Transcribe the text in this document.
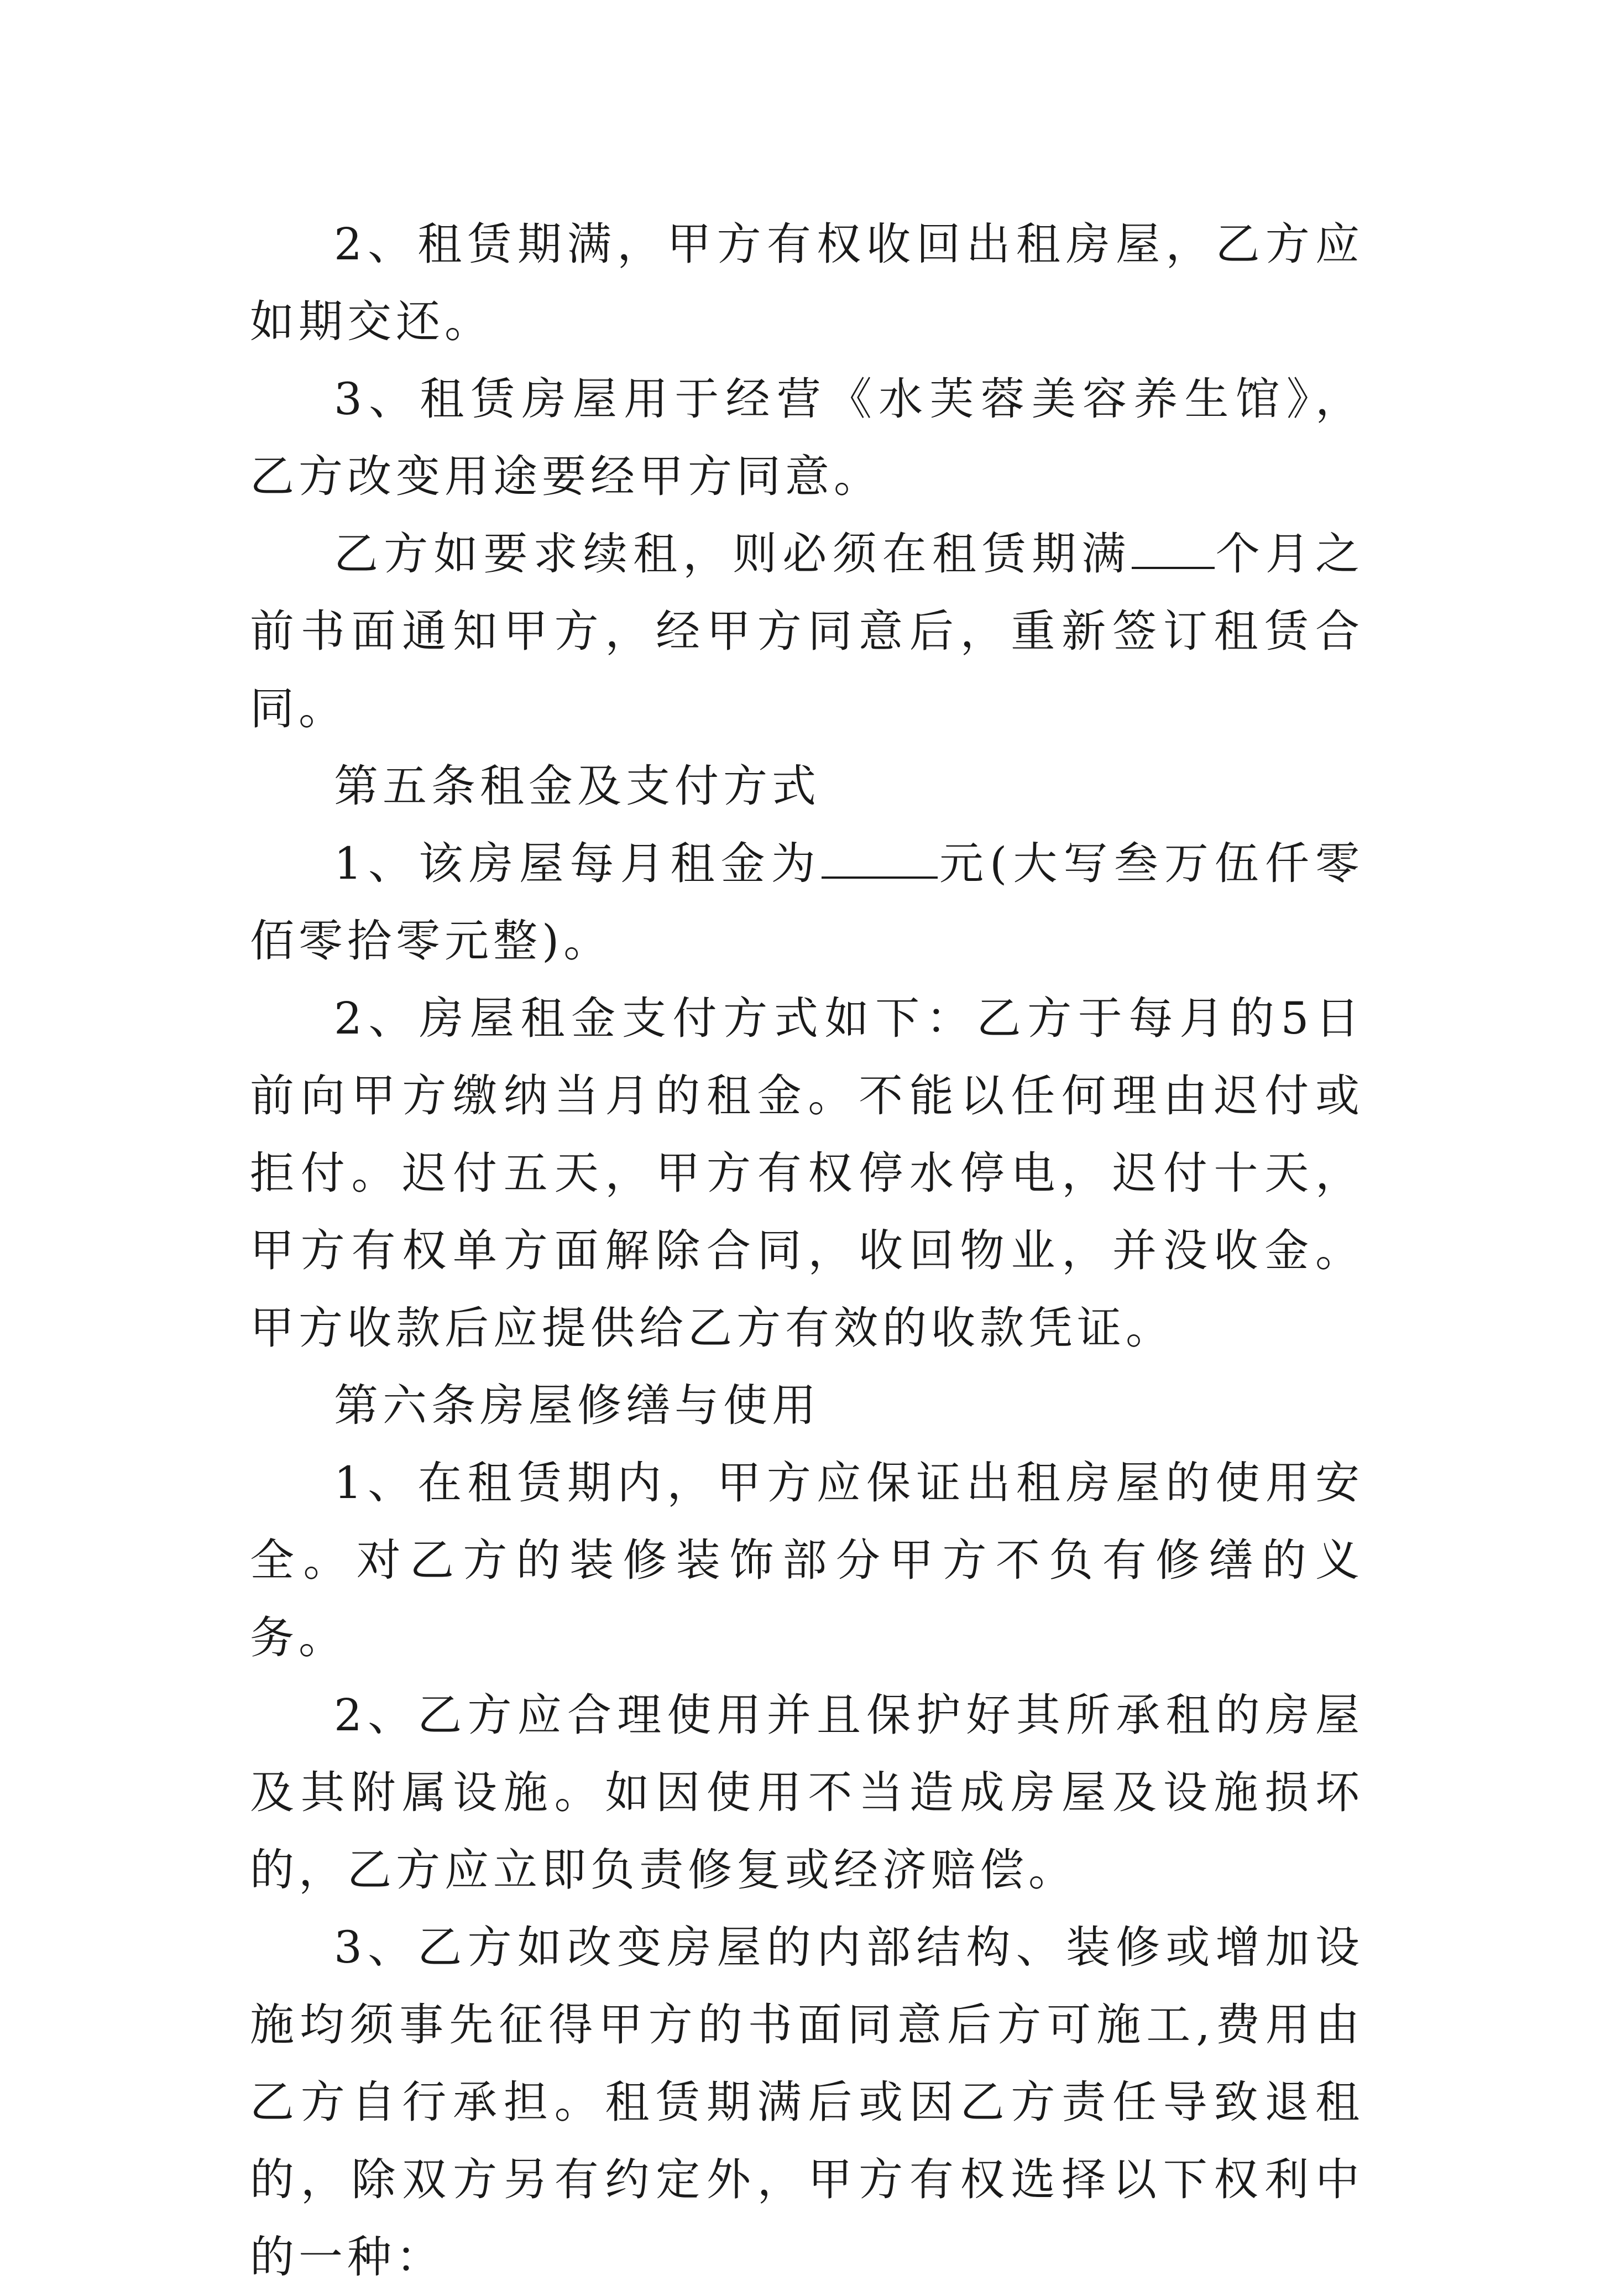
2、租赁期满，甲方有权收回出租房屋，乙方应如期交还。

3、租赁房屋用于经营《水芙蓉美容养生馆》，乙方改变用途要经甲方同意。

乙方如要求续租，则必须在租赁期满 个月之前书面通知甲方，经甲方同意后，重新签订租赁合同。

第五条租金及支付方式

1、该房屋每月租金为	元(大写叁万伍仟零佰零拾零元整)。

2、房屋租金支付方式如下：乙方于每月的5日前向甲方缴纳当月的租金。不能以任何理由迟付或拒付。迟付五天，甲方有权停水停电，迟付十天，甲方有权单方面解除合同，收回物业，并没收金。甲方收款后应提供给乙方有效的收款凭证。

第六条房屋修缮与使用

1、在租赁期内，甲方应保证出租房屋的使用安全。对乙方的装修装饰部分甲方不负有修缮的义务。

2、乙方应合理使用并且保护好其所承租的房屋及其附属设施。如因使用不当造成房屋及设施损坏的，乙方应立即负责修复或经济赔偿。

3、乙方如改变房屋的内部结构、装修或增加设施均须事先征得甲方的书面同意后方可施工,费用由乙方自行承担。租赁期满后或因乙方责任导致退租的，除双方另有约定外，甲方有权选择以下权利中的一种：
